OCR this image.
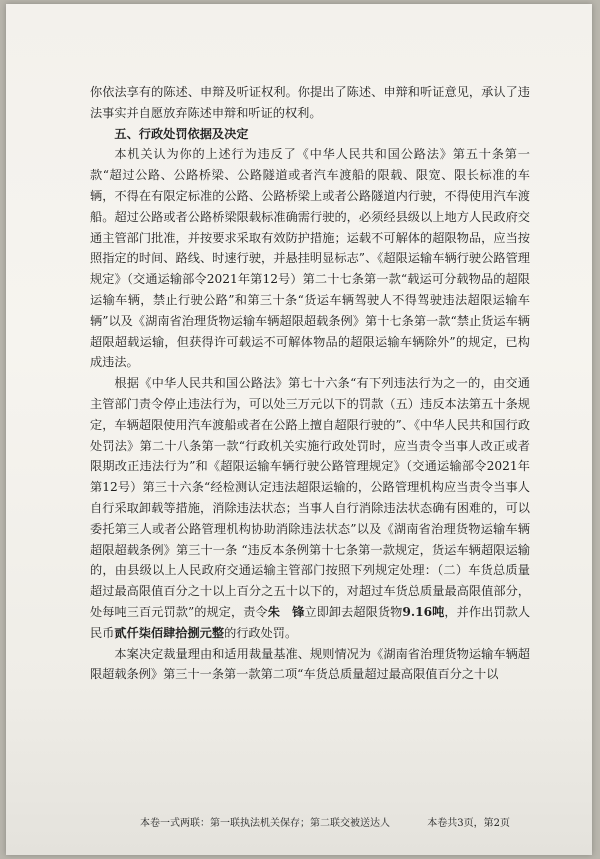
你依法享有的陈述、申辩及听证权利。你提出了陈述、申辩和听证意见，承认了违法事实并自愿放弃陈述申辩和听证的权利。

五、行政处罚依据及决定

本机关认为你的上述行为违反了《中华人民共和国公路法》第五十条第一款“超过公路、公路桥梁、公路隧道或者汽车渡船的限载、限宽、限长标准的车辆，不得在有限定标准的公路、公路桥梁上或者公路隧道内行驶，不得使用汽车渡船。超过公路或者公路桥梁限载标准确需行驶的，必须经县级以上地方人民政府交通主管部门批准，并按要求采取有效防护措施；运载不可解体的超限物品，应当按照指定的时间、路线、时速行驶，并悬挂明显标志”、《超限运输车辆行驶公路管理规定》（交通运输部令2021年第12号）第二十七条第一款“载运可分载物品的超限运输车辆，禁止行驶公路”和第三十条“货运车辆驾驶人不得驾驶违法超限运输车辆”以及《湖南省治理货物运输车辆超限超载条例》第十七条第一款“禁止货运车辆超限超载运输，但获得许可载运不可解体物品的超限运输车辆除外”的规定，已构成违法。

根据《中华人民共和国公路法》第七十六条“有下列违法行为之一的，由交通主管部门责令停止违法行为，可以处三万元以下的罚款（五）违反本法第五十条规定，车辆超限使用汽车渡船或者在公路上擅自超限行驶的”、《中华人民共和国行政处罚法》第二十八条第一款“行政机关实施行政处罚时，应当责令当事人改正或者限期改正违法行为”和《超限运输车辆行驶公路管理规定》（交通运输部令2021年第12号）第三十六条“经检测认定违法超限运输的，公路管理机构应当责令当事人自行采取卸载等措施，消除违法状态；当事人自行消除违法状态确有困难的，可以委托第三人或者公路管理机构协助消除违法状态”以及《湖南省治理货物运输车辆超限超载条例》第三十一条 “违反本条例第十七条第一款规定，货运车辆超限运输的，由县级以上人民政府交通运输主管部门按照下列规定处理：（二）车货总质量超过最高限值百分之十以上百分之五十以下的，对超过车货总质量最高限值部分，处每吨三百元罚款”的规定，责令朱　锋立即卸去超限货物9.16吨，并作出罚款人民币贰仟柒佰肆拾捌元整的行政处罚。

本案决定裁量理由和适用裁量基准、规则情况为《湖南省治理货物运输车辆超限超载条例》第三十一条第一款第二项“车货总质量超过最高限值百分之十以

本卷一式两联：第一联执法机关保存；第二联交被送达人	本卷共3页，第2页
